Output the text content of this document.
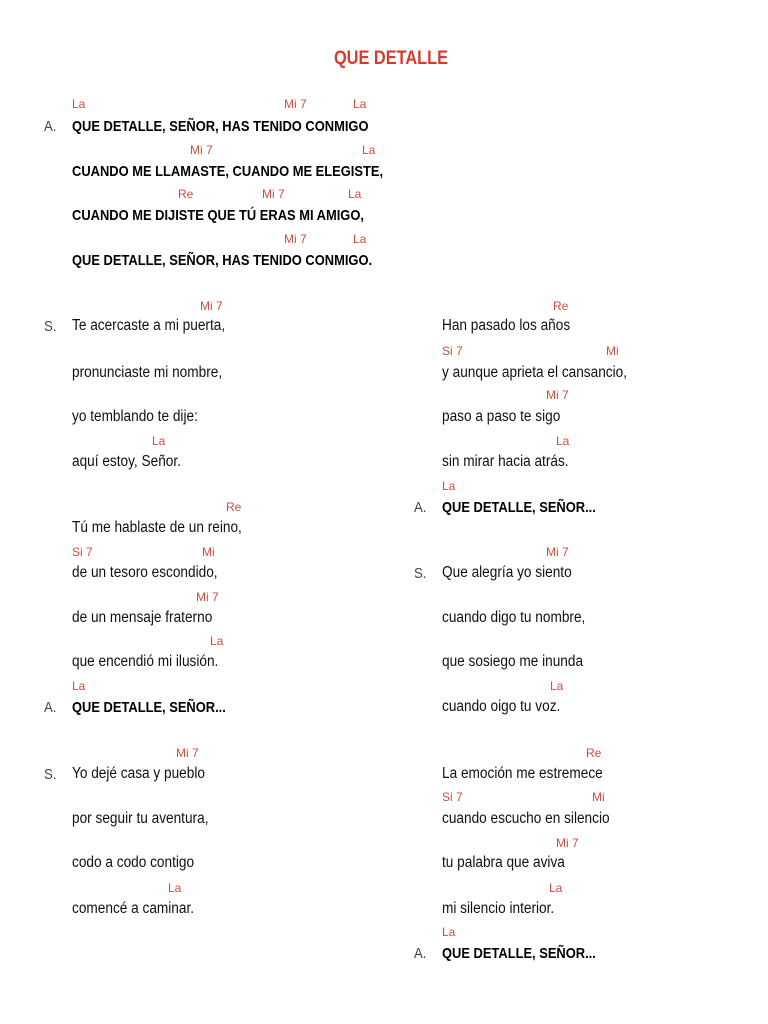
QUE DETALLE
La	Mi 7	La
A. QUE DETALLE, SEÑOR, HAS TENIDO CONMIGO
Mi 7	La
CUANDO ME LLAMASTE, CUANDO ME ELEGISTE,
Re	Mi 7	La
CUANDO ME DIJISTE QUE TÚ ERAS MI AMIGO,
Mi 7	La
QUE DETALLE, SEÑOR, HAS TENIDO CONMIGO.
Mi 7
S. Te acercaste a mi puerta,
pronunciaste mi nombre,
yo temblando te dije:
La
aquí estoy, Señor.
Re
Tú me hablaste de un reino,
Si 7	Mi
de un tesoro escondido,
Mi 7
de un mensaje fraterno
La
que encendió mi ilusión.
La
A. QUE DETALLE, SEÑOR...
Mi 7
S. Yo dejé casa y pueblo
por seguir tu aventura,
codo a codo contigo
La
comencé a caminar.
Re
Han pasado los años
Si 7	Mi
y aunque aprieta el cansancio,
Mi 7
paso a paso te sigo
La
sin mirar hacia atrás.
La
A. QUE DETALLE, SEÑOR...
Mi 7
S. Que alegría yo siento
cuando digo tu nombre,
que sosiego me inunda
La
cuando oigo tu voz.
Re
La emoción me estremece
Si 7	Mi
cuando escucho en silencio
Mi 7
tu palabra que aviva
La
mi silencio interior.
La
A. QUE DETALLE, SEÑOR...
